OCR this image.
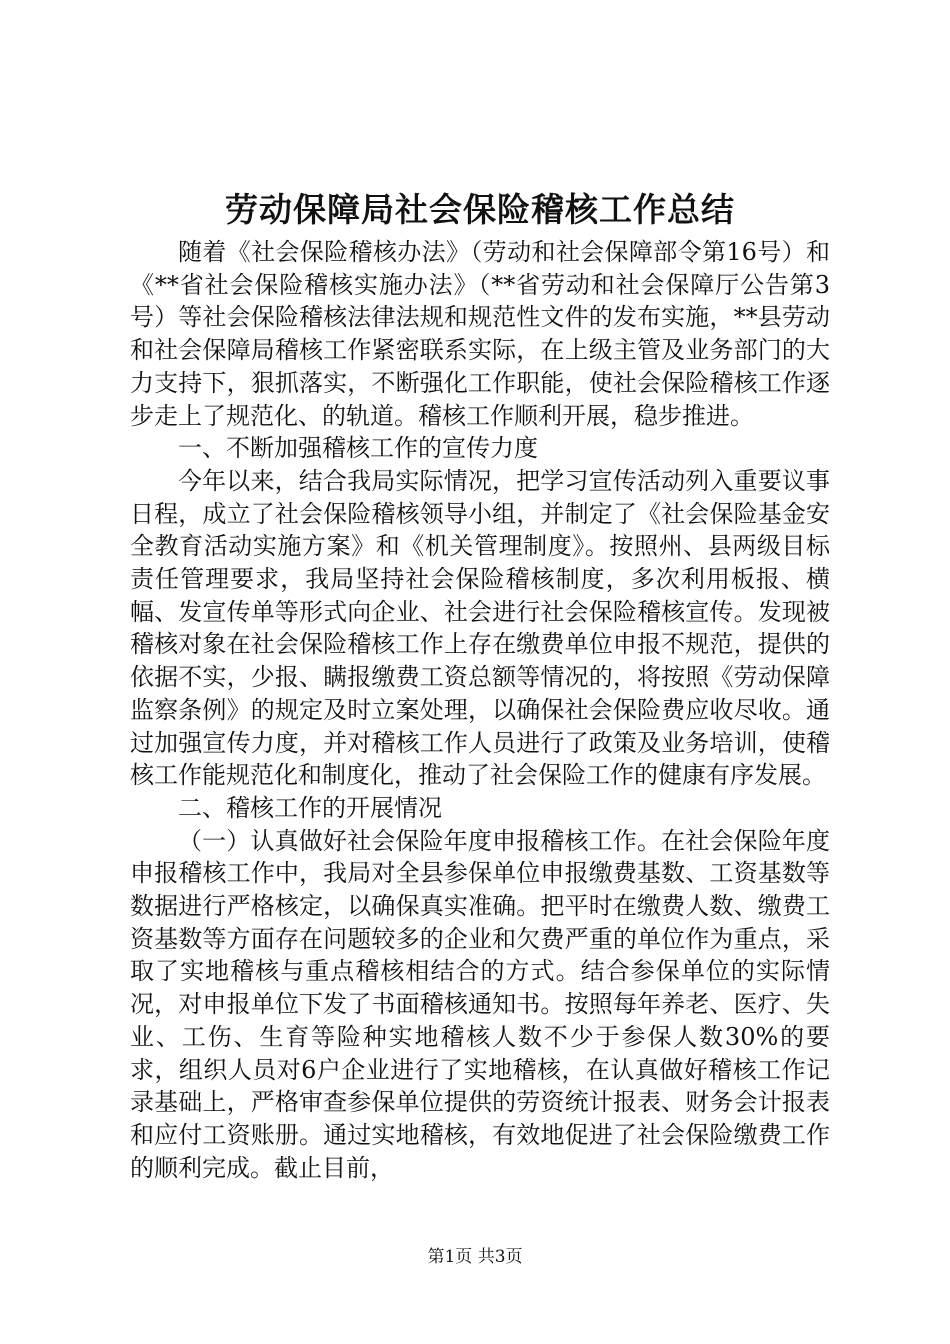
劳动保障局社会保险稽核工作总结

随着《社会保险稽核办法》（劳动和社会保障部令第16号）和《**省社会保险稽核实施办法》（**省劳动和社会保障厅公告第3号）等社会保险稽核法律法规和规范性文件的发布实施，**县劳动和社会保障局稽核工作紧密联系实际，在上级主管及业务部门的大力支持下，狠抓落实，不断强化工作职能，使社会保险稽核工作逐步走上了规范化、的轨道。稽核工作顺利开展，稳步推进。

一、不断加强稽核工作的宣传力度

今年以来，结合我局实际情况，把学习宣传活动列入重要议事日程，成立了社会保险稽核领导小组，并制定了《社会保险基金安全教育活动实施方案》和《机关管理制度》。按照州、县两级目标责任管理要求，我局坚持社会保险稽核制度，多次利用板报、横幅、发宣传单等形式向企业、社会进行社会保险稽核宣传。发现被稽核对象在社会保险稽核工作上存在缴费单位申报不规范，提供的依据不实，少报、瞒报缴费工资总额等情况的，将按照《劳动保障监察条例》的规定及时立案处理，以确保社会保险费应收尽收。通过加强宣传力度，并对稽核工作人员进行了政策及业务培训，使稽核工作能规范化和制度化，推动了社会保险工作的健康有序发展。

二、稽核工作的开展情况

（一）认真做好社会保险年度申报稽核工作。在社会保险年度申报稽核工作中，我局对全县参保单位申报缴费基数、工资基数等数据进行严格核定，以确保真实准确。把平时在缴费人数、缴费工资基数等方面存在问题较多的企业和欠费严重的单位作为重点，采取了实地稽核与重点稽核相结合的方式。结合参保单位的实际情况，对申报单位下发了书面稽核通知书。按照每年养老、医疗、失业、工伤、生育等险种实地稽核人数不少于参保人数30%的要求，组织人员对6户企业进行了实地稽核，在认真做好稽核工作记录基础上，严格审查参保单位提供的劳资统计报表、财务会计报表和应付工资账册。通过实地稽核，有效地促进了社会保险缴费工作的顺利完成。截止目前，

第1页 共3页
